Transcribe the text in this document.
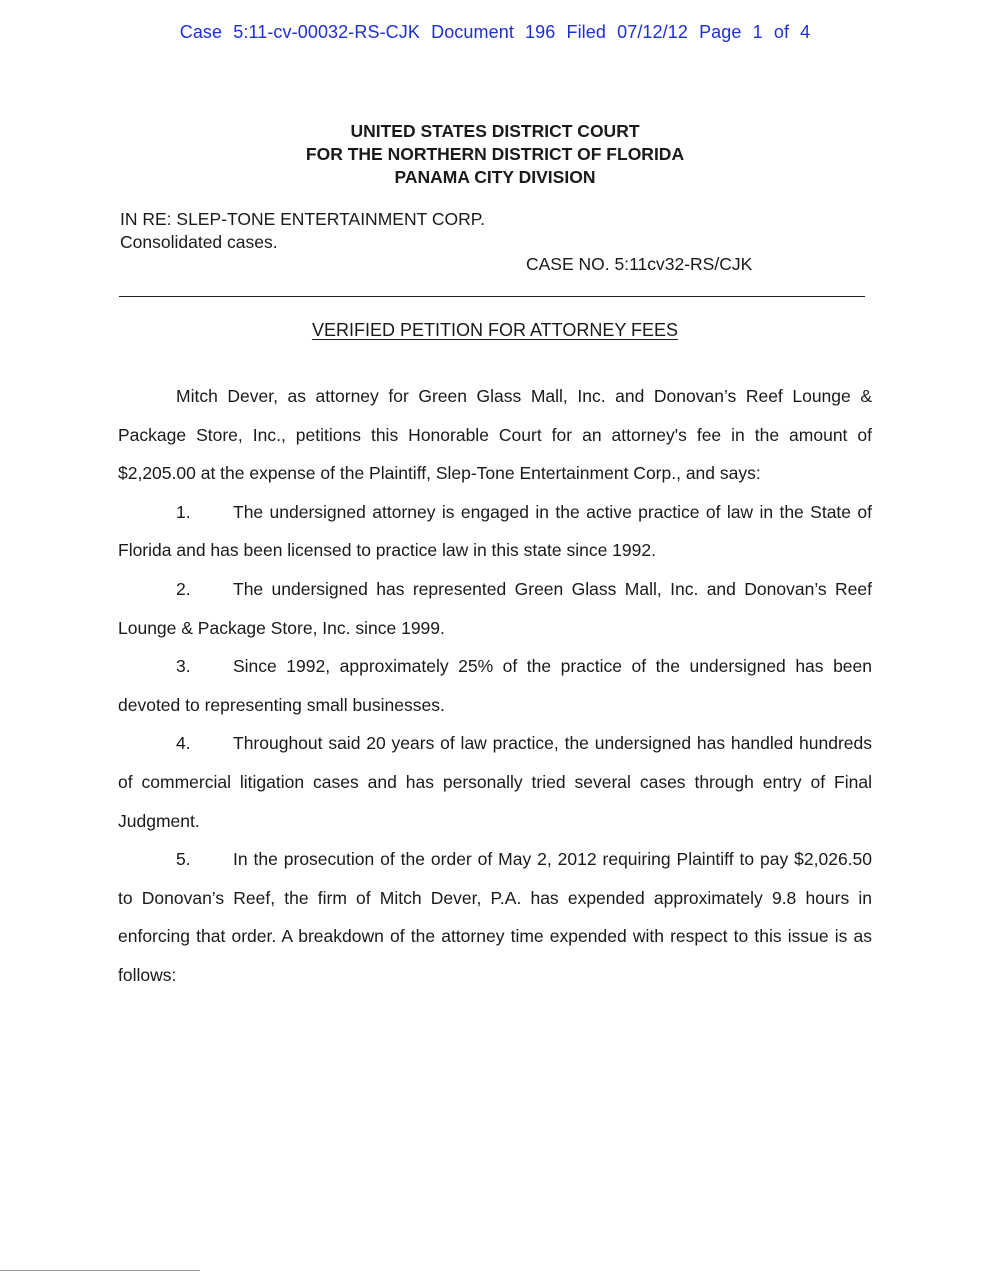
Case 5:11-cv-00032-RS-CJK Document 196 Filed 07/12/12 Page 1 of 4
UNITED STATES DISTRICT COURT
FOR THE NORTHERN DISTRICT OF FLORIDA
PANAMA CITY DIVISION
IN RE: SLEP-TONE ENTERTAINMENT CORP.
Consolidated cases.
CASE NO. 5:11cv32-RS/CJK
VERIFIED PETITION FOR ATTORNEY FEES

Mitch Dever, as attorney for Green Glass Mall, Inc. and Donovan’s Reef Lounge & Package Store, Inc., petitions this Honorable Court for an attorney's fee in the amount of $2,205.00 at the expense of the Plaintiff, Slep-Tone Entertainment Corp., and says:

1. The undersigned attorney is engaged in the active practice of law in the State of Florida and has been licensed to practice law in this state since 1992.

2. The undersigned has represented Green Glass Mall, Inc. and Donovan’s Reef Lounge & Package Store, Inc. since 1999.

3. Since 1992, approximately 25% of the practice of the undersigned has been devoted to representing small businesses.

4. Throughout said 20 years of law practice, the undersigned has handled hundreds of commercial litigation cases and has personally tried several cases through entry of Final Judgment.

5. In the prosecution of the order of May 2, 2012 requiring Plaintiff to pay $2,026.50 to Donovan’s Reef, the firm of Mitch Dever, P.A. has expended approximately 9.8 hours in enforcing that order. A breakdown of the attorney time expended with respect to this issue is as follows:
